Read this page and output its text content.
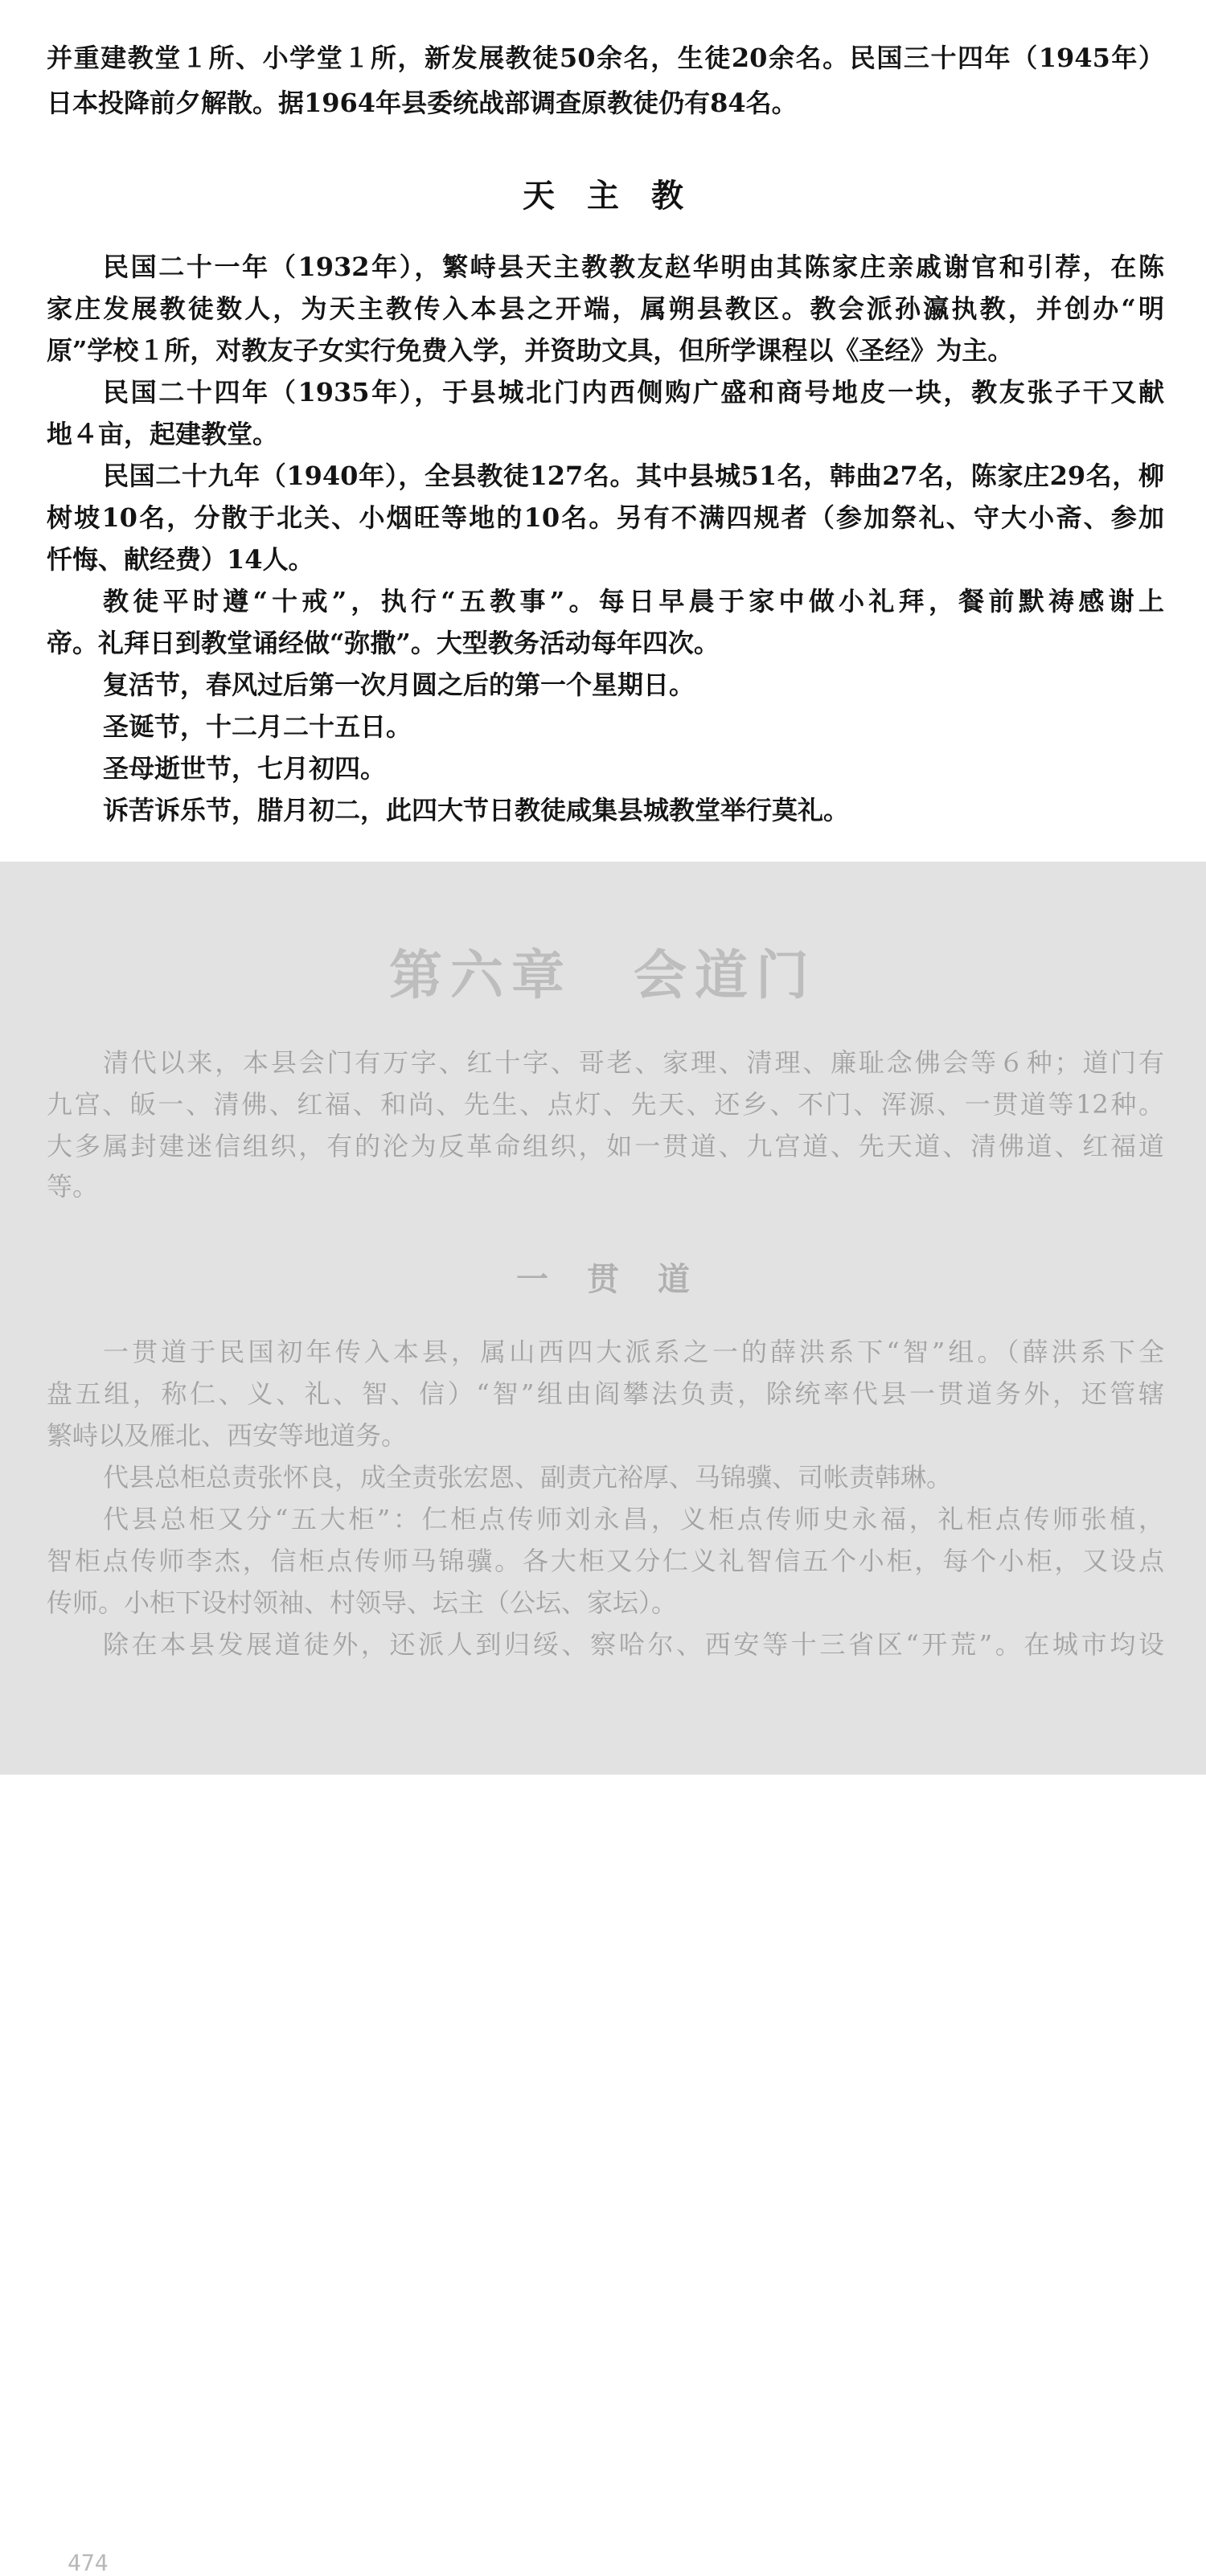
并重建教堂１所、小学堂１所，新发展教徒50余名，生徒20余名。民国三十四年（1945年）
日本投降前夕解散。据1964年县委统战部调查原教徒仍有84名。
天主教
民国二十一年（1932年），繁峙县天主教教友赵华明由其陈家庄亲戚谢官和引荐，在陈
家庄发展教徒数人，为天主教传入本县之开端，属朔县教区。教会派孙瀛执教，并创办“明
原”学校１所，对教友子女实行免费入学，并资助文具，但所学课程以《圣经》为主。
民国二十四年（1935年），于县城北门内西侧购广盛和商号地皮一块，教友张子干又献
地４亩，起建教堂。
民国二十九年（1940年），全县教徒127名。其中县城51名，韩曲27名，陈家庄29名，柳
树坡10名，分散于北关、小烟旺等地的10名。另有不满四规者（参加祭礼、守大小斋、参加
忏悔、献经费）14人。
教徒平时遵“十戒”，执行“五教事”。每日早晨于家中做小礼拜，餐前默祷感谢上
帝。礼拜日到教堂诵经做“弥撒”。大型教务活动每年四次。
复活节，春风过后第一次月圆之后的第一个星期日。
圣诞节，十二月二十五日。
圣母逝世节，七月初四。
诉苦诉乐节，腊月初二，此四大节日教徒咸集县城教堂举行莫礼。
第六章　会道门
清代以来，本县会门有万字、红十字、哥老、家理、清理、廉耻念佛会等６种；道门有
九宫、皈一、清佛、红福、和尚、先生、点灯、先天、还乡、不门、浑源、一贯道等12种。
大多属封建迷信组织，有的沦为反革命组织，如一贯道、九宫道、先天道、清佛道、红福道
等。
一贯道
一贯道于民国初年传入本县，属山西四大派系之一的薛洪系下“智”组。（薛洪系下全
盘五组，称仁、义、礼、智、信）“智”组由阎攀法负责，除统率代县一贯道务外，还管辖
繁峙以及雁北、西安等地道务。
代县总柜总责张怀良，成全责张宏恩、副责亢裕厚、马锦骥、司帐责韩琳。
代县总柜又分“五大柜”：仁柜点传师刘永昌，义柜点传师史永福，礼柜点传师张植，
智柜点传师李杰，信柜点传师马锦骥。各大柜又分仁义礼智信五个小柜，每个小柜，又设点
传师。小柜下设村领袖、村领导、坛主（公坛、家坛）。
除在本县发展道徒外，还派人到归绥、察哈尔、西安等十三省区“开荒”。在城市均设
474
